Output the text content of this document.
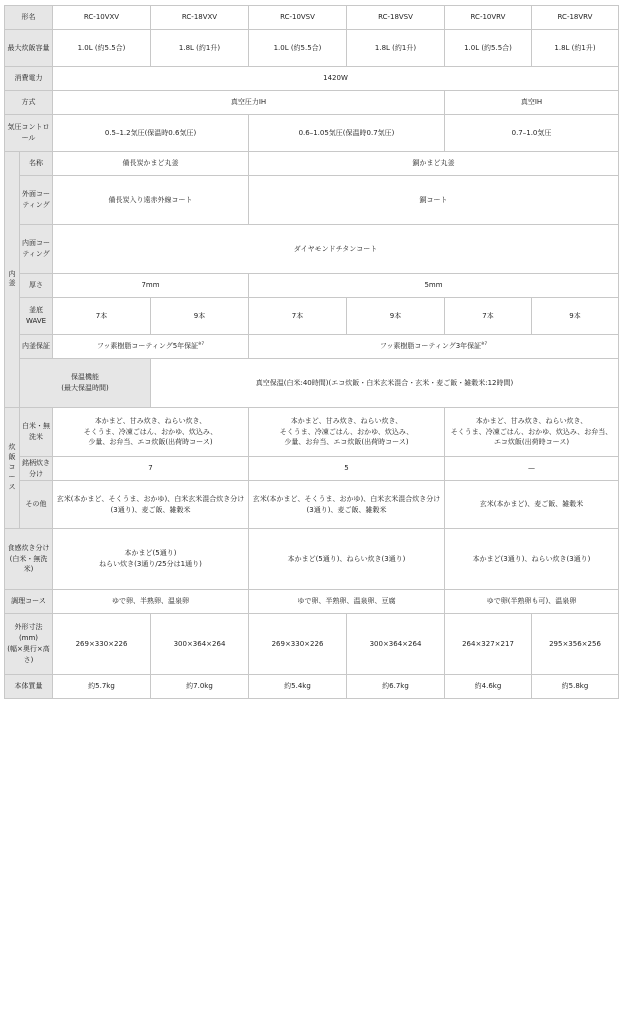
形名		RC-10VXV	RC-18VXV	RC-10VSV	RC-18VSV	RC-10VRV	RC-18VRV
最大炊飯容量		1.0L (約5.5合)	1.8L (約1升)	1.0L (約5.5合)	1.8L (約1升)	1.0L (約5.5合)	1.8L (約1升)
消費電力		1420W					
方式		真空圧力IH				真空IH	
気圧コントロール		0.5–1.2気圧(保温時0.6気圧)		0.6–1.05気圧(保温時0.7気圧)		0.7–1.0気圧	
内釜	名称	備長炭かまど丸釜		銅かまど丸釜			
	外面コーティング	備長炭入り遠赤外線コート		銅コート			
	内面コーティング	ダイヤモンドチタンコート					
	厚さ	7mm		5mm			
	釜底WAVE	7本	9本	7本	9本	7本	9本
	内釜保証	フッ素樹脂コーティング5年保証$^{※7}$		フッ素樹脂コーティング3年保証$^{※7}$
	保温機能
(最大保温時間)		真空保温(白米:40時間)(エコ炊飯・白米玄米混合・玄米・麦ご飯・雑穀米:12時間)				
炊飯コース	白米・無洗米	本かまど、甘み炊き、ねらい炊き、
そくうま、冷凍ごはん、おかゆ、炊込み、
少量、お弁当、エコ炊飯(出荷時コース)		本かまど、甘み炊き、ねらい炊き、
そくうま、冷凍ごはん、おかゆ、炊込み、
少量、お弁当、エコ炊飯(出荷時コース)		本かまど、甘み炊き、ねらい炊き、
そくうま、冷凍ごはん、おかゆ、炊込み、お弁当、
エコ炊飯(出荷時コース)	
	銘柄炊き分け	7		5		—	
	その他	玄米(本かまど、そくうま、おかゆ)、白米玄米混合炊き分け(3通り)、麦ご飯、雑穀米		玄米(本かまど、そくうま、おかゆ)、白米玄米混合炊き分け(3通り)、麦ご飯、雑穀米		玄米(本かまど)、麦ご飯、雑穀米	
食感炊き分け
(白米・無洗米)		本かまど(5通り)
ねらい炊き(3通り/25分は1通り)		本かまど(5通り)、ねらい炊き(3通り)		本かまど(3通り)、ねらい炊き(3通り)	
調理コース		ゆで卵、半熟卵、温泉卵		ゆで卵、半熟卵、温泉卵、豆腐		ゆで卵(半熟卵も可)、温泉卵	
外形寸法
(mm)
(幅×奥行×高さ)		269×330×226	300×364×264	269×330×226	300×364×264	264×327×217	295×356×256
本体質量		約5.7kg	約7.0kg	約5.4kg	約6.7kg	約4.6kg	約5.8kg
